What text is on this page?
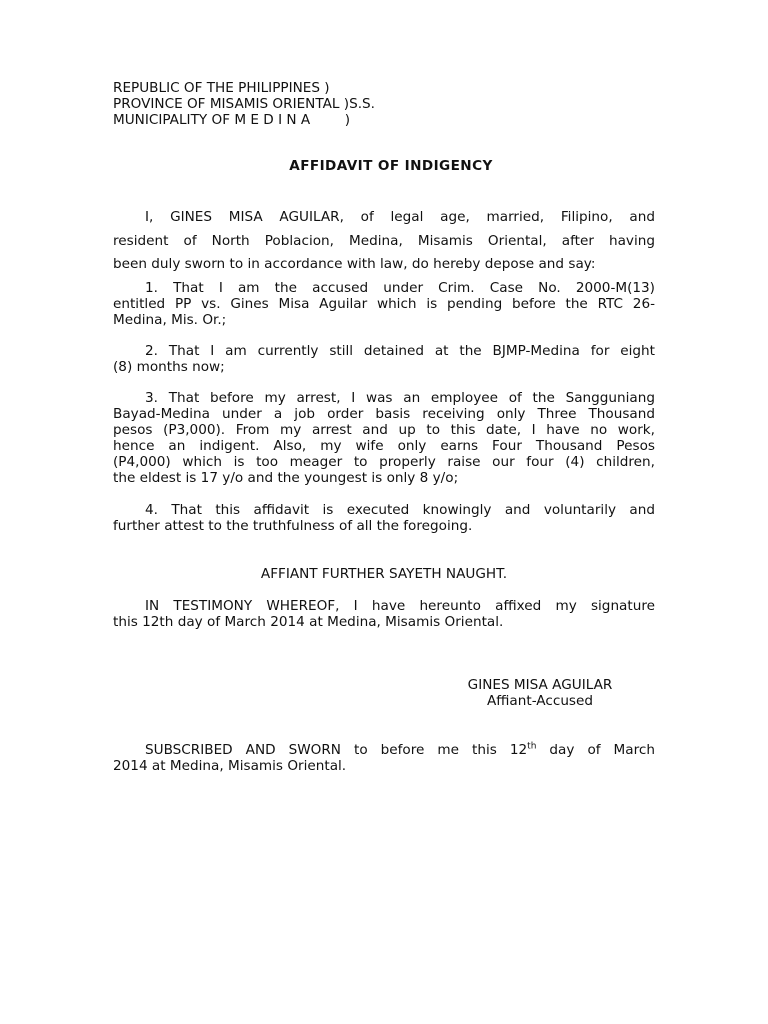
REPUBLIC OF THE PHILIPPINES )
PROVINCE OF MISAMIS ORIENTAL )S.S.
MUNICIPALITY OF M E D I N A        )
AFFIDAVIT OF INDIGENCY
I, GINES MISA AGUILAR, of legal age, married, Filipino, and
resident of North Poblacion, Medina, Misamis Oriental, after having
been duly sworn to in accordance with law, do hereby depose and say:
1. That I am the accused under Crim. Case No. 2000-M(13)
entitled PP vs. Gines Misa Aguilar which is pending before the RTC 26-
Medina, Mis. Or.;
2. That I am currently still detained at the BJMP-Medina for eight
(8) months now;
3. That before my arrest, I was an employee of the Sangguniang
Bayad-Medina under a job order basis receiving only Three Thousand
pesos (P3,000). From my arrest and up to this date, I have no work,
hence an indigent. Also, my wife only earns Four Thousand Pesos
(P4,000) which is too meager to properly raise our four (4) children,
the eldest is 17 y/o and the youngest is only 8 y/o;
4. That this affidavit is executed knowingly and voluntarily and
further attest to the truthfulness of all the foregoing.
AFFIANT FURTHER SAYETH NAUGHT.
IN TESTIMONY WHEREOF, I have hereunto affixed my signature
this 12th day of March 2014 at Medina, Misamis Oriental.
GINES MISA AGUILAR
Affiant-Accused
SUBSCRIBED AND SWORN to before me this 12th day of March
2014 at Medina, Misamis Oriental.
